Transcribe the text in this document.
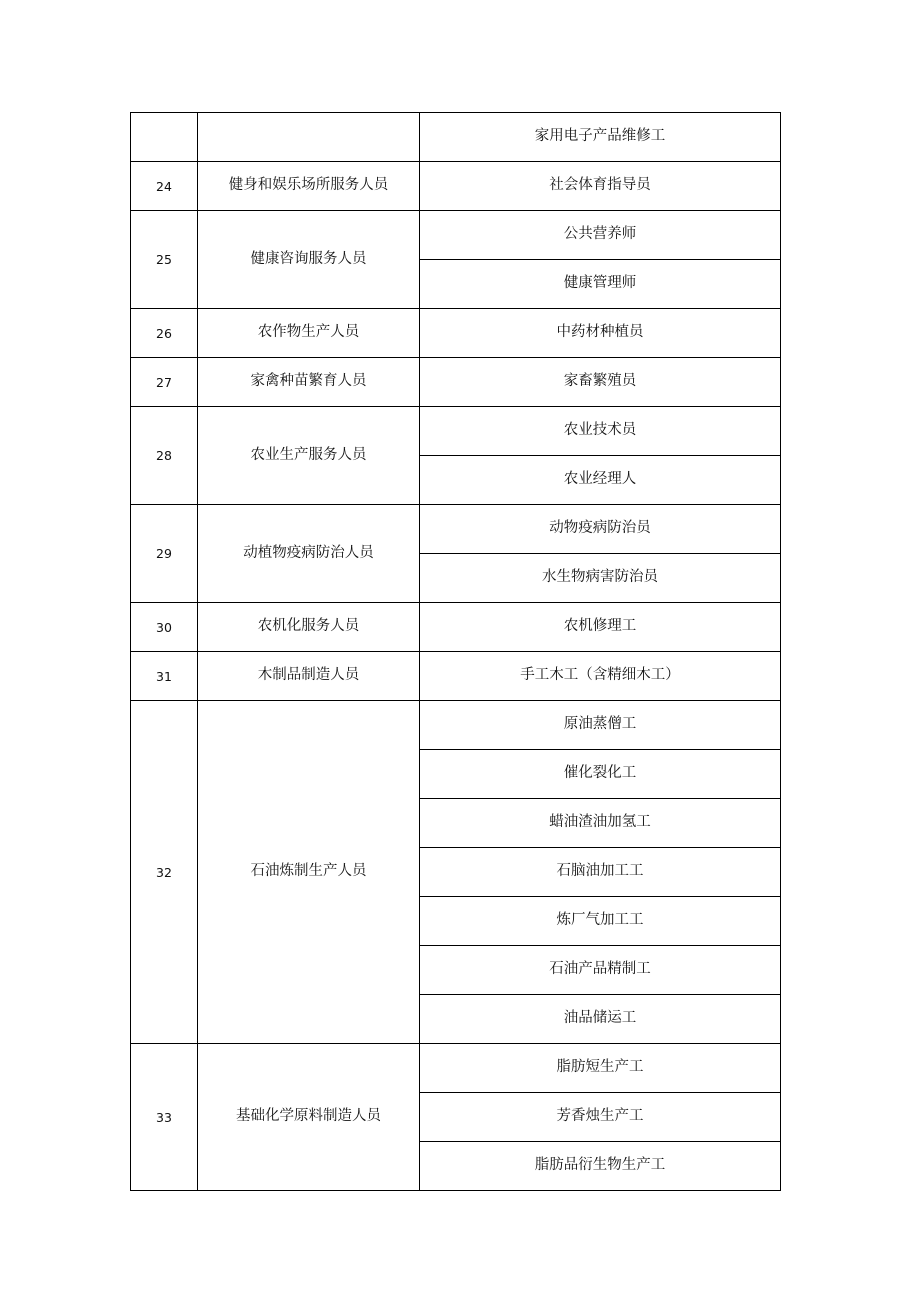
		家用电子产品维修工
24	健身和娱乐场所服务人员	社会体育指导员
25	健康咨询服务人员	公共营养师
		健康管理师
26	农作物生产人员	中药材种植员
27	家禽种苗繁育人员	家畜繁殖员
28	农业生产服务人员	农业技术员
		农业经理人
29	动植物疫病防治人员	动物疫病防治员
		水生物病害防治员
30	农机化服务人员	农机修理工
31	木制品制造人员	手工木工（含精细木工）
32	石油炼制生产人员	原油蒸僧工
		催化裂化工
		蜡油渣油加氢工
		石脑油加工工
		炼厂气加工工
		石油产品精制工
		油品储运工
33	基础化学原料制造人员	脂肪短生产工
		芳香烛生产工
		脂肪品衍生物生产工
